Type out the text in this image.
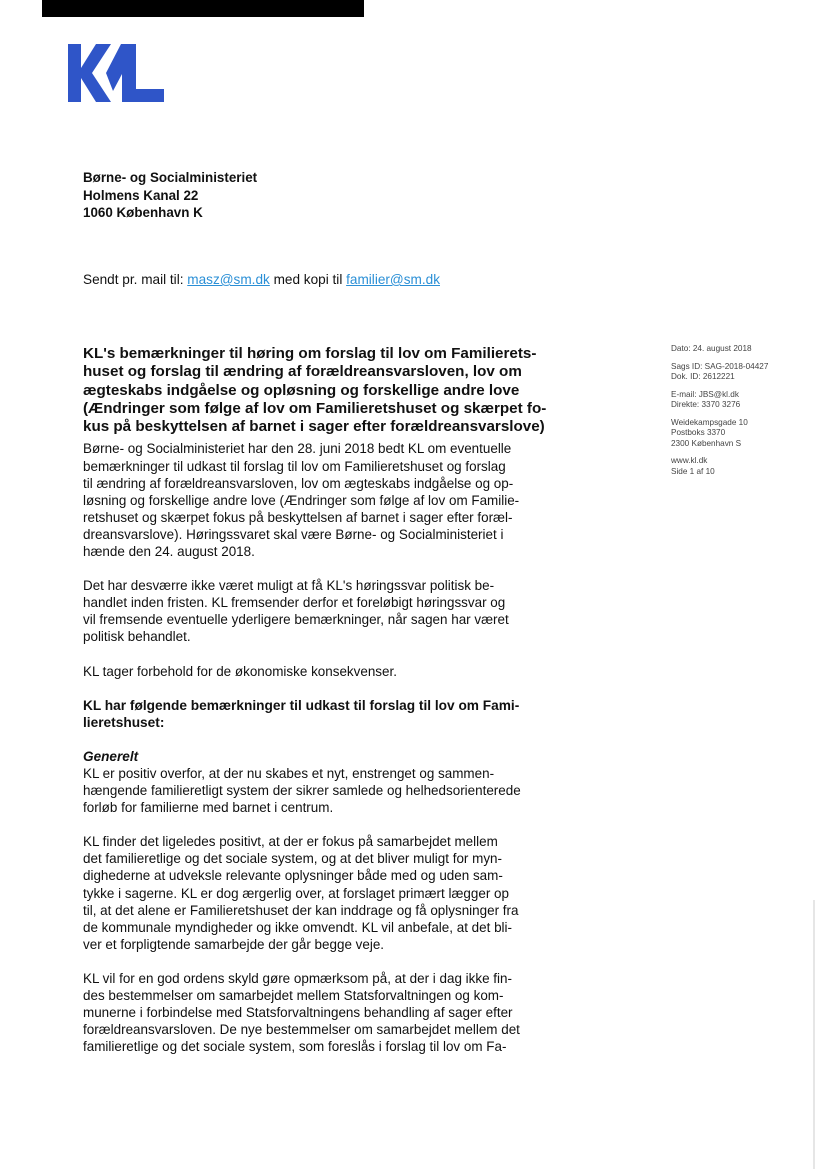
Børne- og Socialministeriet
Holmens Kanal 22
1060 København K
Sendt pr. mail til: masz@sm.dk med kopi til familier@sm.dk
KL's bemærkninger til høring om forslag til lov om Familierets-
huset og forslag til ændring af forældreansvarsloven, lov om
ægteskabs indgåelse og opløsning og forskellige andre love
(Ændringer som følge af lov om Familieretshuset og skærpet fo-
kus på beskyttelsen af barnet i sager efter forældreansvarslove)
Børne- og Socialministeriet har den 28. juni 2018 bedt KL om eventuelle
bemærkninger til udkast til forslag til lov om Familieretshuset og forslag
til ændring af forældreansvarsloven, lov om ægteskabs indgåelse og op-
løsning og forskellige andre love (Ændringer som følge af lov om Familie-
retshuset og skærpet fokus på beskyttelsen af barnet i sager efter foræl-
dreansvarslove). Høringssvaret skal være Børne- og Socialministeriet i
hænde den 24. august 2018.
Det har desværre ikke været muligt at få KL's høringssvar politisk be-
handlet inden fristen. KL fremsender derfor et foreløbigt høringssvar og
vil fremsende eventuelle yderligere bemærkninger, når sagen har været
politisk behandlet.
KL tager forbehold for de økonomiske konsekvenser.
KL har følgende bemærkninger til udkast til forslag til lov om Fami-
lieretshuset:
Generelt
KL er positiv overfor, at der nu skabes et nyt, enstrenget og sammen-
hængende familieretligt system der sikrer samlede og helhedsorienterede
forløb for familierne med barnet i centrum.
KL finder det ligeledes positivt, at der er fokus på samarbejdet mellem
det familieretlige og det sociale system, og at det bliver muligt for myn-
dighederne at udveksle relevante oplysninger både med og uden sam-
tykke i sagerne. KL er dog ærgerlig over, at forslaget primært lægger op
til, at det alene er Familieretshuset der kan inddrage og få oplysninger fra
de kommunale myndigheder og ikke omvendt. KL vil anbefale, at det bli-
ver et forpligtende samarbejde der går begge veje.
KL vil for en god ordens skyld gøre opmærksom på, at der i dag ikke fin-
des bestemmelser om samarbejdet mellem Statsforvaltningen og kom-
munerne i forbindelse med Statsforvaltningens behandling af sager efter
forældreansvarsloven. De nye bestemmelser om samarbejdet mellem det
familieretlige og det sociale system, som foreslås i forslag til lov om Fa-
Dato: 24. august 2018
Sags ID: SAG-2018-04427
Dok. ID: 2612221
E-mail: JBS@kl.dk
Direkte: 3370 3276
Weidekampsgade 10
Postboks 3370
2300 København S
www.kl.dk
Side 1 af 10
